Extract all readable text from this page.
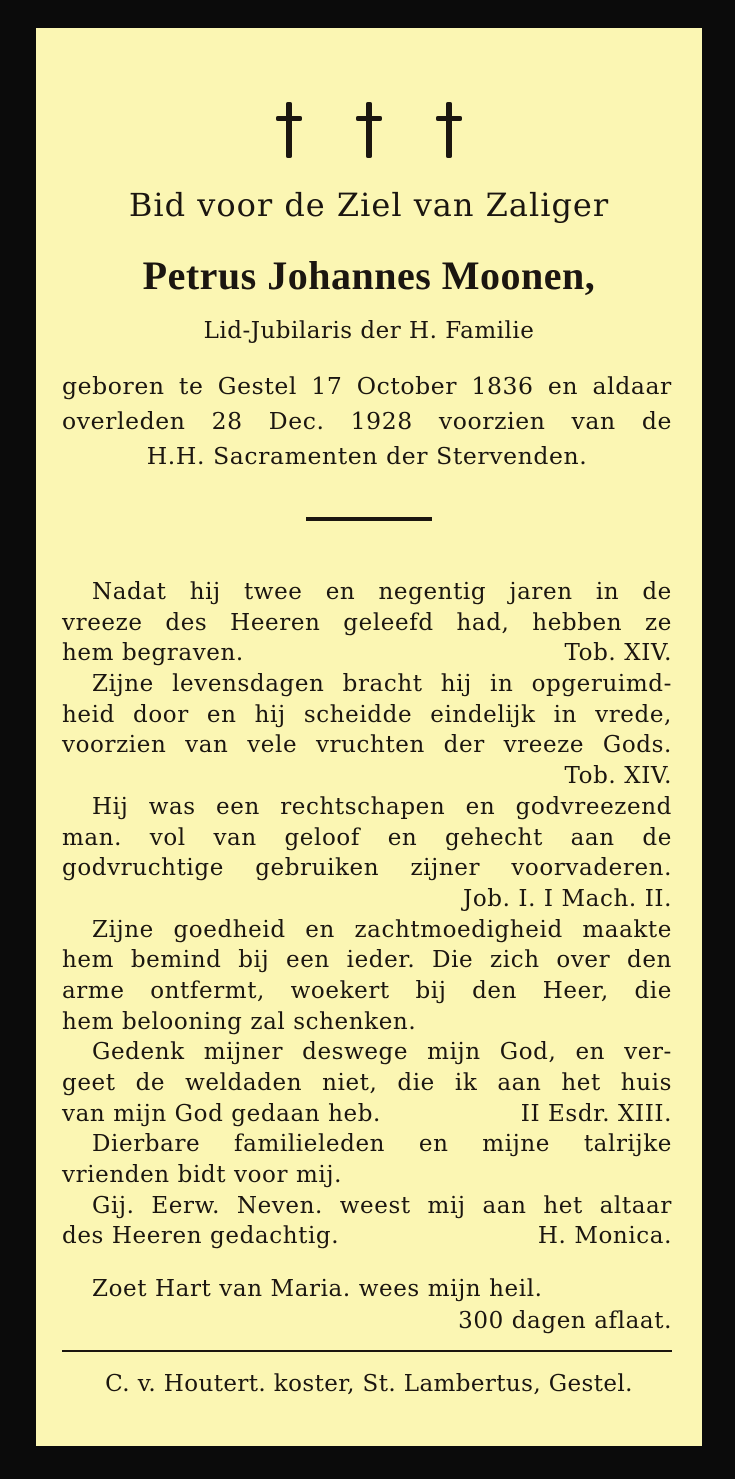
Bid voor de Ziel van Zaliger
Petrus Johannes Moonen,
Lid-Jubilaris der H. Familie
geboren te Gestel 17 October 1836 en aldaar
overleden 28 Dec. 1928 voorzien van de
H.H. Sacramenten der Stervenden.
Nadat hij twee en negentig jaren in de
vreeze des Heeren geleefd had, hebben ze
hem begraven.	Tob. XIV.
Zijne levensdagen bracht hij in opgeruimd-
heid door en hij scheidde eindelijk in vrede,
voorzien van vele vruchten der vreeze Gods.
Tob. XIV.
Hij was een rechtschapen en godvreezend
man. vol van geloof en gehecht aan de
godvruchtige gebruiken zijner voorvaderen.
Job. I. I Mach. II.
Zijne goedheid en zachtmoedigheid maakte
hem bemind bij een ieder. Die zich over den
arme ontfermt, woekert bij den Heer, die
hem belooning zal schenken.
Gedenk mijner deswege mijn God, en ver-
geet de weldaden niet, die ik aan het huis
van mijn God gedaan heb.	II Esdr. XIII.
Dierbare familieleden en mijne talrijke
vrienden bidt voor mij.
Gij. Eerw. Neven. weest mij aan het altaar
des Heeren gedachtig.	H. Monica.
Zoet Hart van Maria. wees mijn heil.
300 dagen aflaat.
C. v. Houtert. koster, St. Lambertus, Gestel.
